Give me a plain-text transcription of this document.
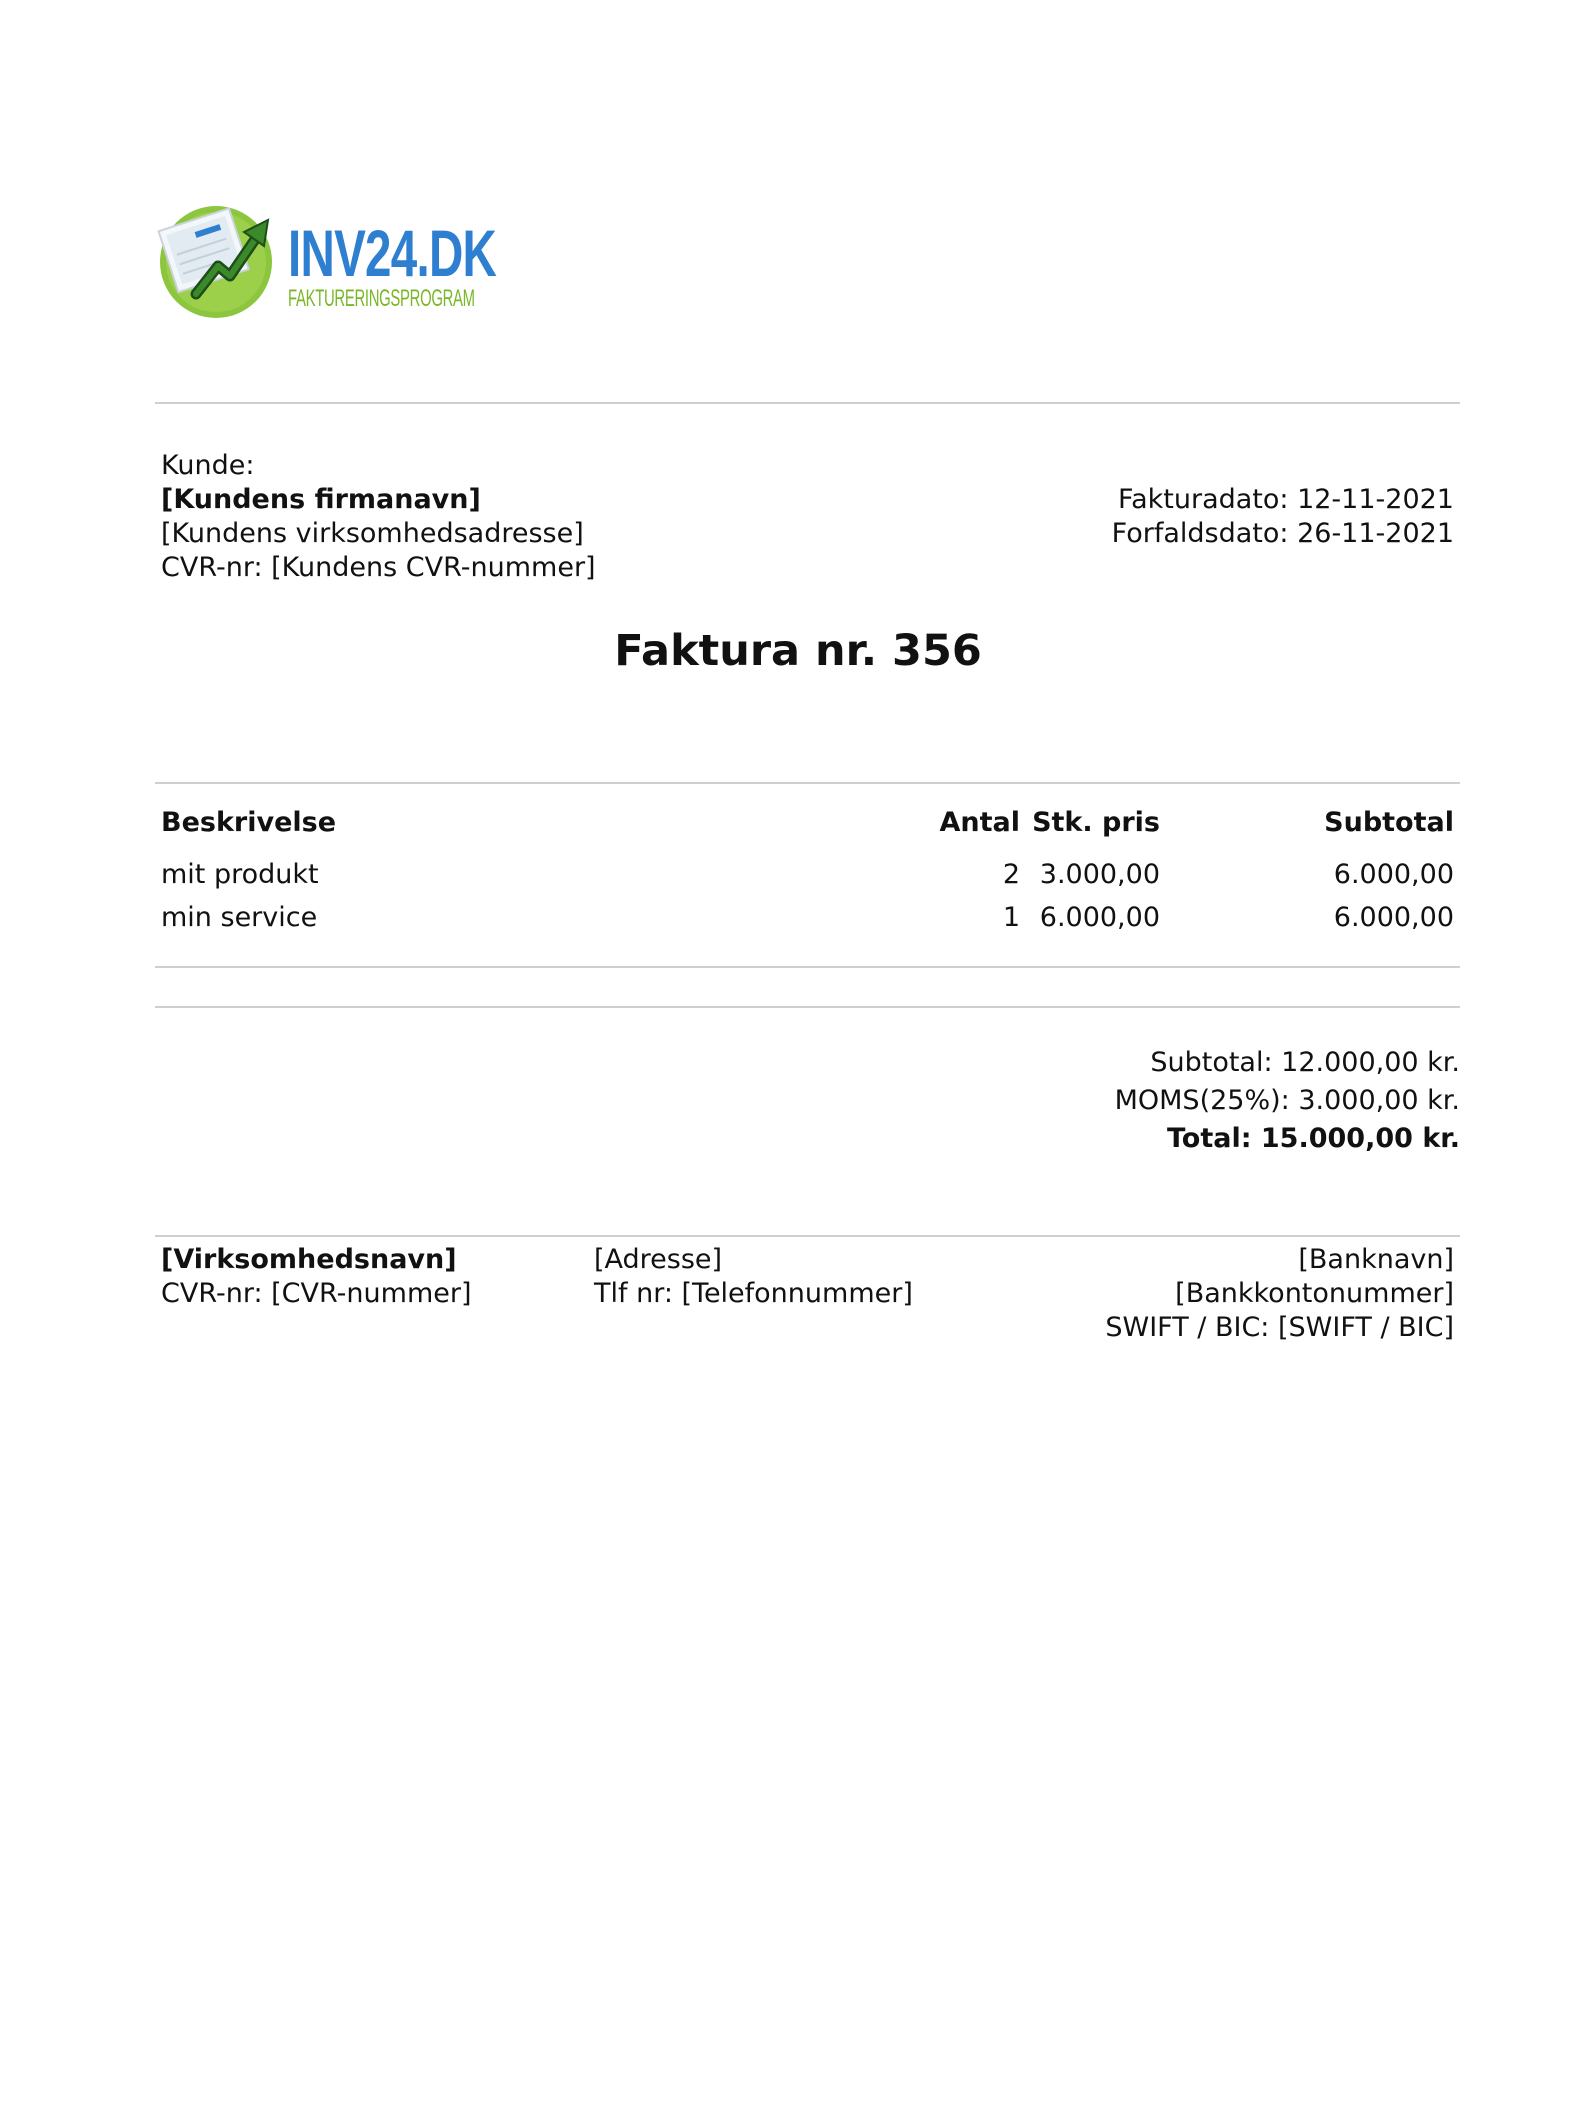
INV24.DK
FAKTURERINGSPROGRAM
Kunde:
[Kundens firmanavn]
[Kundens virksomhedsadresse]
CVR-nr: [Kundens CVR-nummer]
Fakturadato: 12-11-2021
Forfaldsdato: 26-11-2021
Faktura nr. 356
Beskrivelse	Antal Stk. pris	Subtotal
mit produkt	2 3.000,00	6.000,00
min service	1 6.000,00	6.000,00
Subtotal: 12.000,00 kr.
MOMS(25%): 3.000,00 kr.
Total: 15.000,00 kr.
[Virksomhedsnavn]
CVR-nr: [CVR-nummer]
[Adresse]
Tlf nr: [Telefonnummer]
[Banknavn]
[Bankkontonummer]
SWIFT / BIC: [SWIFT / BIC]
